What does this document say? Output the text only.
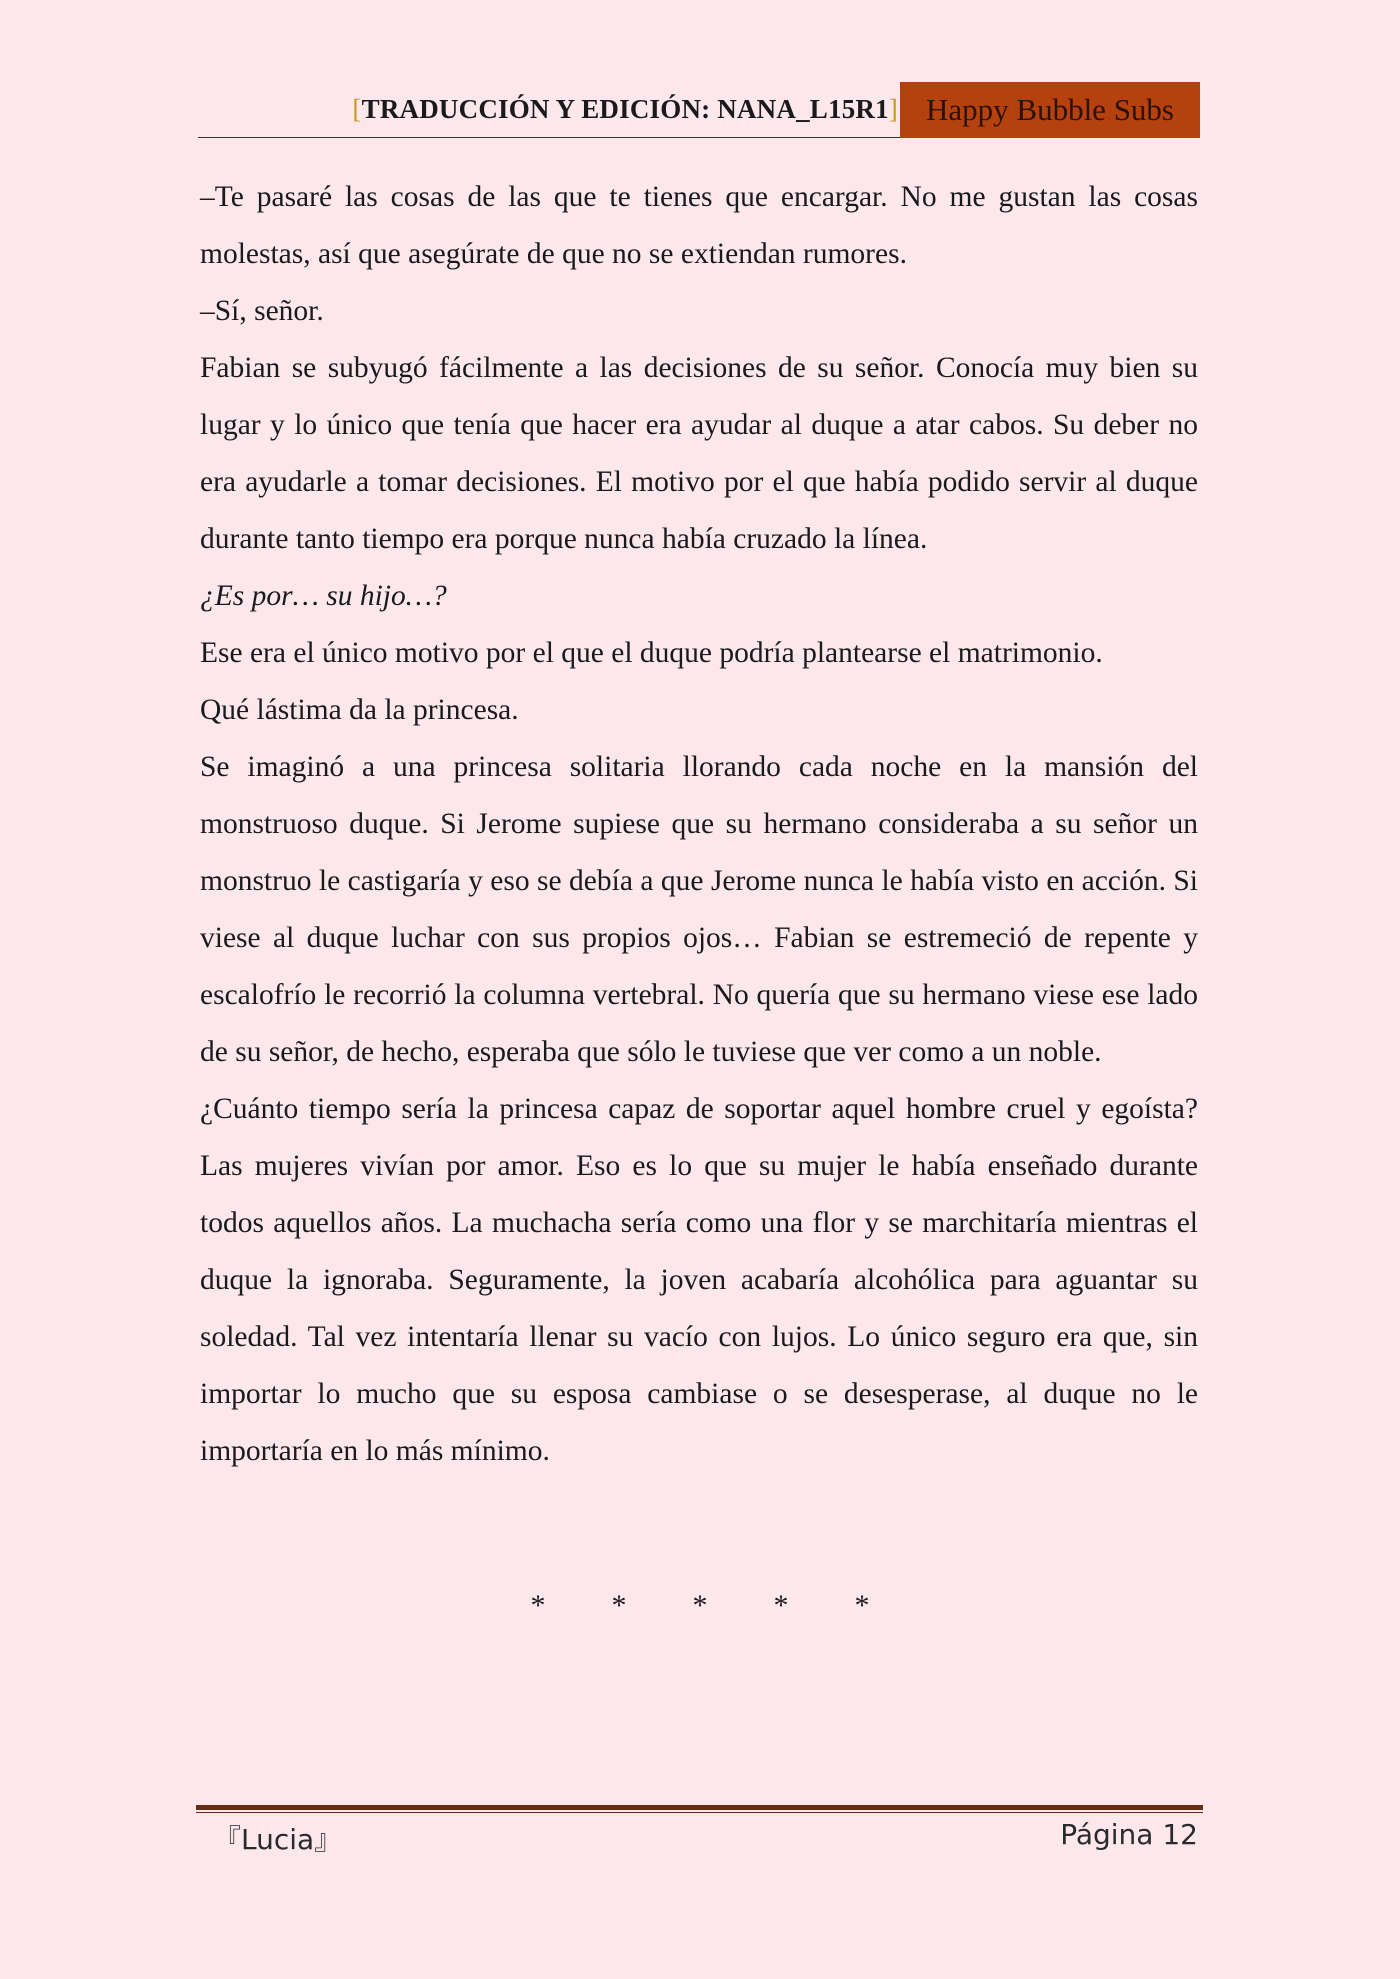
[TRADUCCIÓN Y EDICIÓN: NANA_L15R1] Happy Bubble Subs

–Te pasaré las cosas de las que te tienes que encargar. No me gustan las cosas molestas, así que asegúrate de que no se extiendan rumores.

–Sí, señor.

Fabian se subyugó fácilmente a las decisiones de su señor. Conocía muy bien su lugar y lo único que tenía que hacer era ayudar al duque a atar cabos. Su deber no era ayudarle a tomar decisiones. El motivo por el que había podido servir al duque durante tanto tiempo era porque nunca había cruzado la línea.

¿Es por… su hijo…?

Ese era el único motivo por el que el duque podría plantearse el matrimonio.

Qué lástima da la princesa.

Se imaginó a una princesa solitaria llorando cada noche en la mansión del monstruoso duque. Si Jerome supiese que su hermano consideraba a su señor un monstruo le castigaría y eso se debía a que Jerome nunca le había visto en acción. Si viese al duque luchar con sus propios ojos… Fabian se estremeció de repente y escalofrío le recorrió la columna vertebral. No quería que su hermano viese ese lado de su señor, de hecho, esperaba que sólo le tuviese que ver como a un noble.

¿Cuánto tiempo sería la princesa capaz de soportar aquel hombre cruel y egoísta? Las mujeres vivían por amor. Eso es lo que su mujer le había enseñado durante todos aquellos años. La muchacha sería como una flor y se marchitaría mientras el duque la ignoraba. Seguramente, la joven acabaría alcohólica para aguantar su soledad. Tal vez intentaría llenar su vacío con lujos. Lo único seguro era que, sin importar lo mucho que su esposa cambiase o se desesperase, al duque no le importaría en lo más mínimo.

* * * * *
『Lucia』	Página 12
